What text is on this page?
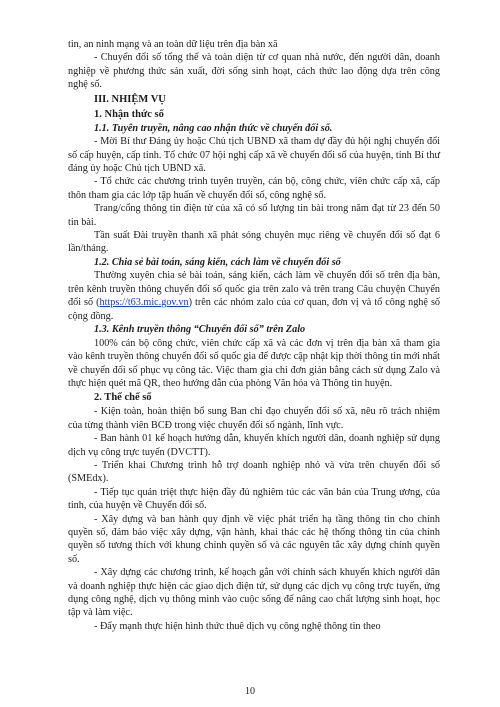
tin, an ninh mạng và an toàn dữ liệu trên địa bàn xã

- Chuyển đổi số tổng thể và toàn diện từ cơ quan nhà nước, đến người dân, doanh nghiệp về phương thức sản xuất, đời sống sinh hoạt, cách thức lao động dựa trên công nghệ số.

III. NHIỆM VỤ

1. Nhận thức số

1.1. Tuyên truyền, nâng cao nhận thức về chuyển đổi số.

- Mời Bí thư Đảng ủy hoặc Chủ tịch UBND xã tham dự đầy đủ hội nghị chuyển đổi số cấp huyện, cấp tỉnh. Tổ chức 07 hội nghị cấp xã về chuyển đổi số của huyện, tỉnh Bí thư đảng ủy hoặc Chủ tịch UBND xã.

- Tổ chức các chương trình tuyên truyền, cán bộ, công chức, viên chức cấp xã, cấp thôn tham gia các lớp tập huấn về chuyển đổi số, công nghệ số.

Trang/cổng thông tin điện tử của xã có số lượng tin bài trong năm đạt từ 23 đến 50 tin bài.

Tần suất Đài truyền thanh xã phát sóng chuyên mục riêng về chuyển đổi số đạt 6 lần/tháng.

1.2. Chia sẻ bài toán, sáng kiến, cách làm về chuyển đổi số

Thường xuyên chia sẻ bài toán, sáng kiến, cách làm về chuyển đổi số trên địa bàn, trên kênh truyền thông chuyển đổi số quốc gia trên zalo và trên trang Câu chuyện Chuyển đổi số (https://t63.mic.gov.vn) trên các nhóm zalo của cơ quan, đơn vị và tổ công nghệ số cộng đồng.

1.3. Kênh truyền thông “Chuyển đổi số” trên Zalo

100% cán bộ công chức, viên chức cấp xã và các đơn vị trên địa bàn xã tham gia vào kênh truyền thông chuyển đổi số quốc gia để được cập nhật kịp thời thông tin mới nhất về chuyển đổi số phục vụ công tác. Việc tham gia chỉ đơn giản bằng cách sử dụng Zalo và thực hiện quét mã QR, theo hướng dẫn của phòng Văn hóa và Thông tin huyện.

2. Thể chế số

- Kiện toàn, hoàn thiện bổ sung Ban chỉ đạo chuyển đổi số xã, nêu rõ trách nhiệm của từng thành viên BCĐ trong việc chuyển đổi số ngành, lĩnh vực.

- Ban hành 01 kế hoạch hướng dẫn, khuyến khích người dân, doanh nghiệp sử dụng dịch vụ công trực tuyến (DVCTT).

- Triển khai Chương trình hỗ trợ doanh nghiệp nhỏ và vừa trên chuyển đổi số (SMEdx).

- Tiếp tục quán triệt thực hiện đầy đủ nghiêm túc các văn bản của Trung ương, của tỉnh, của huyện về Chuyển đổi số.

- Xây dựng và ban hành quy định về việc phát triển hạ tầng thông tin cho chính quyền số, đảm bảo việc xây dựng, vận hành, khai thác các hệ thống thông tin của chính quyền số tương thích với khung chính quyền số và các nguyên tắc xây dựng chính quyền số.

- Xây dựng các chương trình, kế hoạch gắn với chính sách khuyến khích người dân và doanh nghiệp thực hiện các giao dịch điện tử, sử dụng các dịch vụ công trực tuyến, ứng dụng công nghệ, dịch vụ thông minh vào cuộc sống để nâng cao chất lượng sinh hoạt, học tập và làm việc.

- Đẩy mạnh thực hiện hình thức thuê dịch vụ công nghệ thông tin theo

10
